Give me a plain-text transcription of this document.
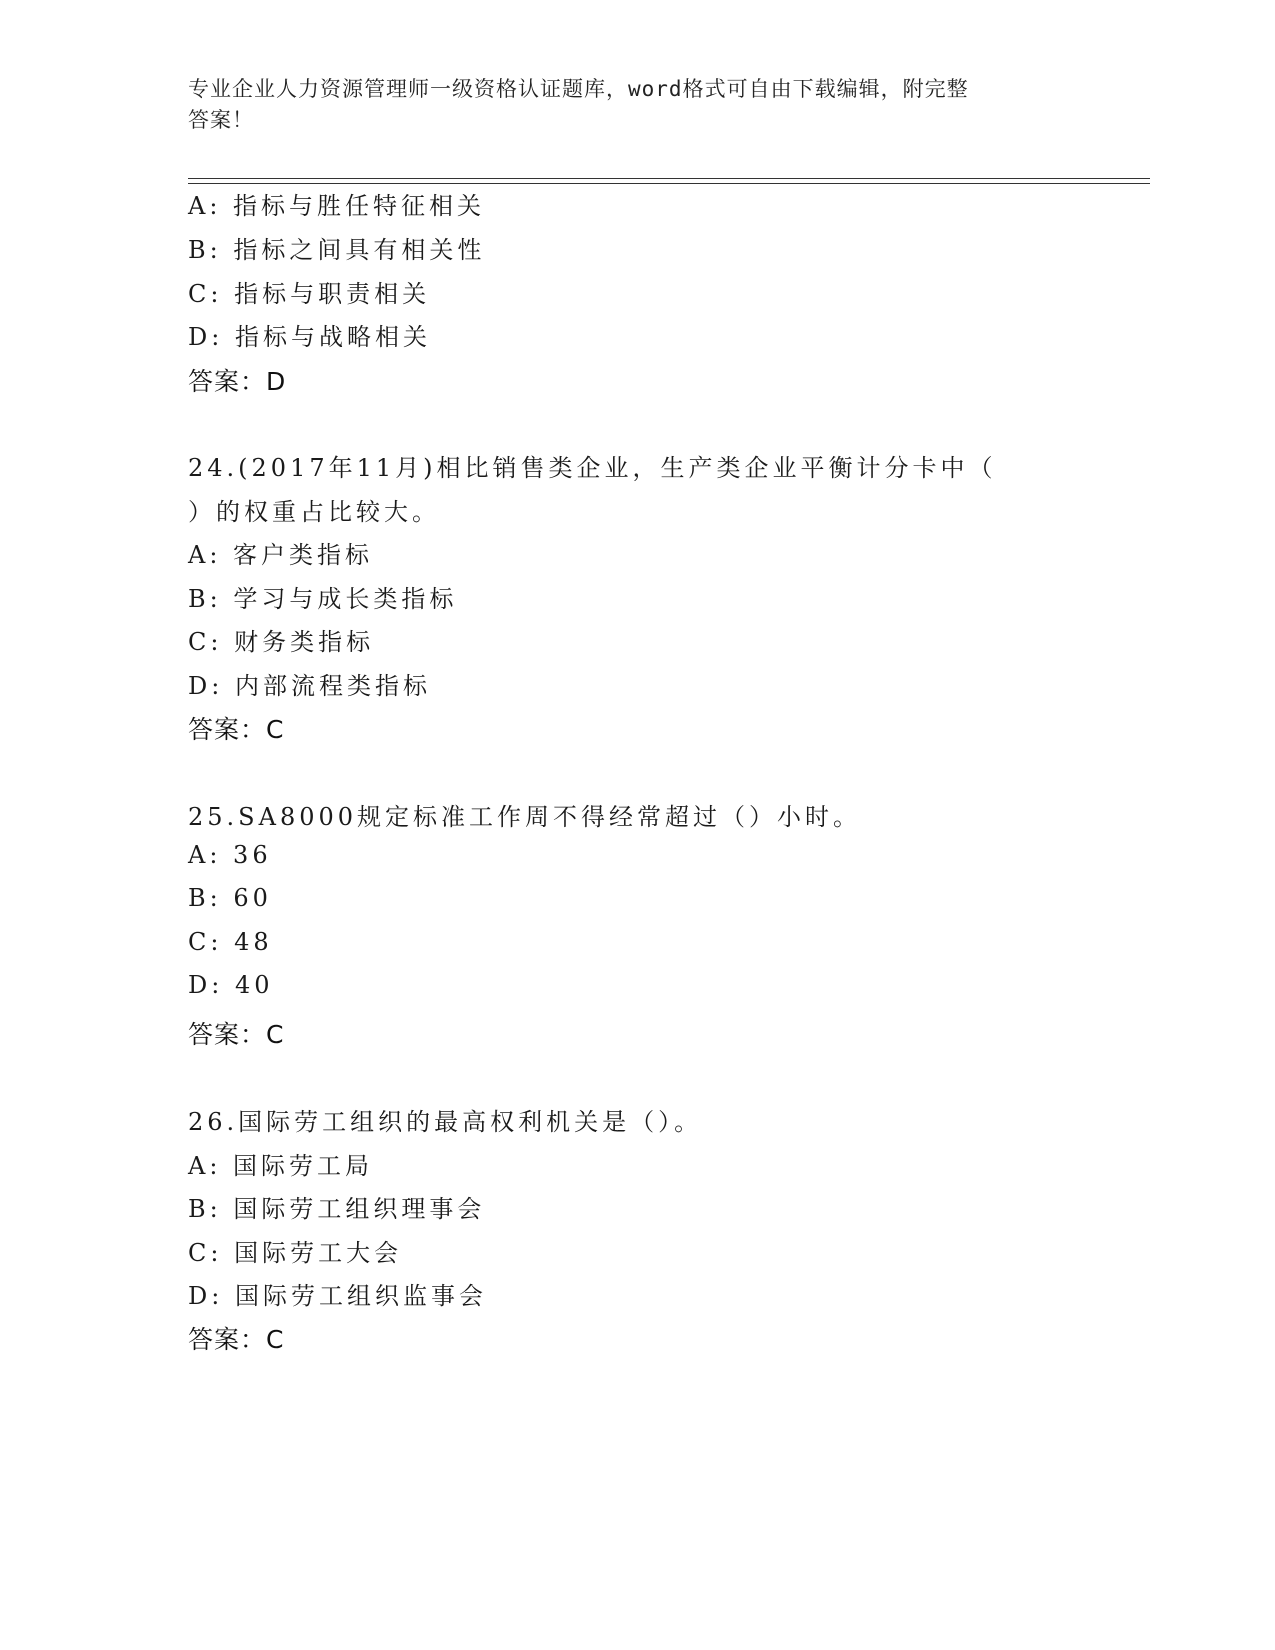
专业企业人力资源管理师一级资格认证题库，word格式可自由下载编辑，附完整
答案！
A: 指标与胜任特征相关
B: 指标之间具有相关性
C: 指标与职责相关
D: 指标与战略相关
答案：D
24.(2017年11月)相比销售类企业，生产类企业平衡计分卡中（
）的权重占比较大。
A: 客户类指标
B: 学习与成长类指标
C: 财务类指标
D: 内部流程类指标
答案：C
25.SA8000规定标准工作周不得经常超过（）小时。
A: 36
B: 60
C: 48
D: 40
答案：C
26.国际劳工组织的最高权利机关是（）。
A: 国际劳工局
B: 国际劳工组织理事会
C: 国际劳工大会
D: 国际劳工组织监事会
答案：C
